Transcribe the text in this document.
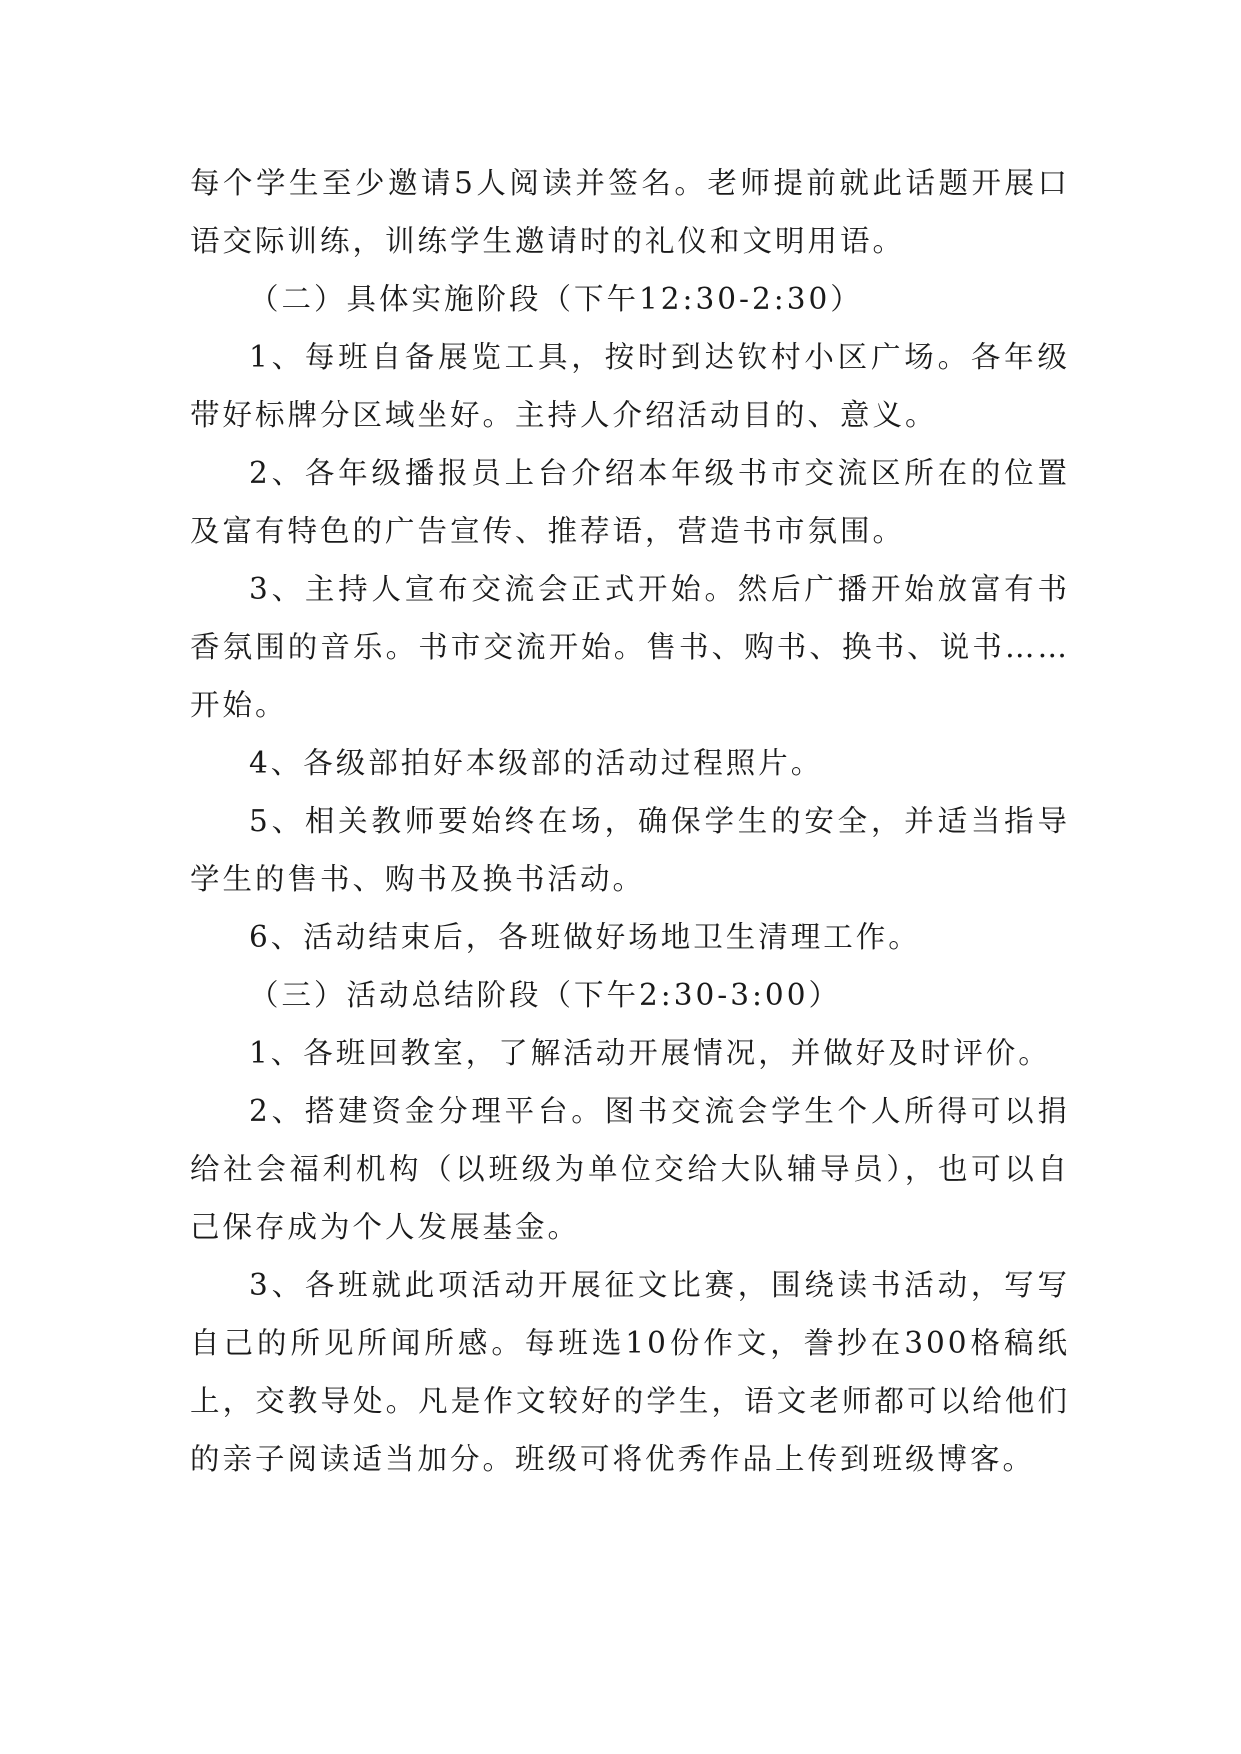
每个学生至少邀请5人阅读并签名。老师提前就此话题开展口语交际训练，训练学生邀请时的礼仪和文明用语。

（二）具体实施阶段（下午12:30-2:30）

1、每班自备展览工具，按时到达钦村小区广场。各年级带好标牌分区域坐好。主持人介绍活动目的、意义。

2、各年级播报员上台介绍本年级书市交流区所在的位置及富有特色的广告宣传、推荐语，营造书市氛围。

3、主持人宣布交流会正式开始。然后广播开始放富有书香氛围的音乐。书市交流开始。售书、购书、换书、说书……开始。

4、各级部拍好本级部的活动过程照片。

5、相关教师要始终在场，确保学生的安全，并适当指导学生的售书、购书及换书活动。

6、活动结束后，各班做好场地卫生清理工作。

（三）活动总结阶段（下午2:30-3:00）

1、各班回教室，了解活动开展情况，并做好及时评价。

2、搭建资金分理平台。图书交流会学生个人所得可以捐给社会福利机构（以班级为单位交给大队辅导员），也可以自己保存成为个人发展基金。

3、各班就此项活动开展征文比赛，围绕读书活动，写写自己的所见所闻所感。每班选10份作文，誊抄在300格稿纸上，交教导处。凡是作文较好的学生，语文老师都可以给他们的亲子阅读适当加分。班级可将优秀作品上传到班级博客。
